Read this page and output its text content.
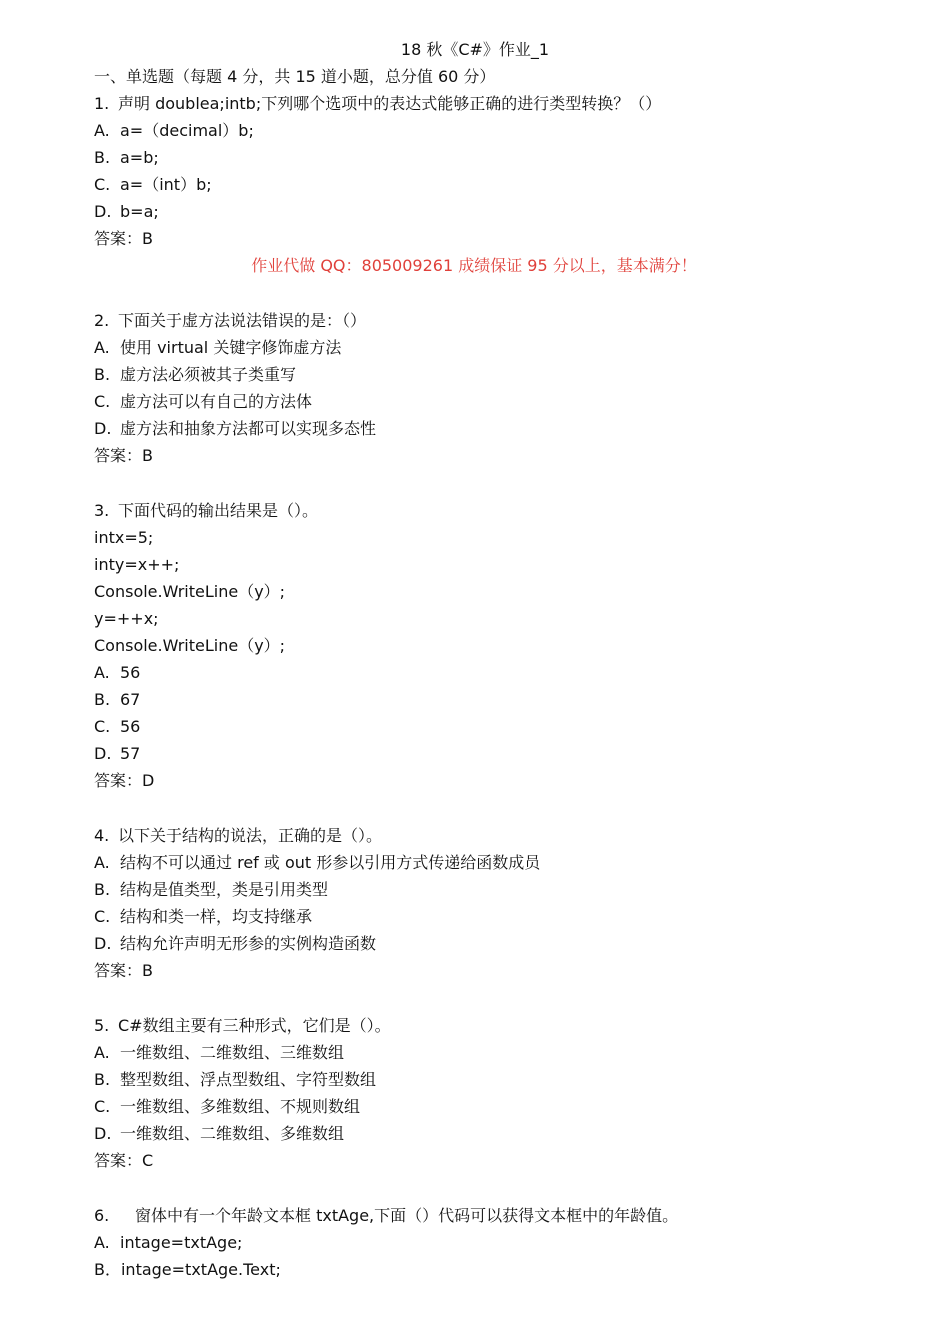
18 秋《C#》作业_1
一、单选题（每题 4 分，共 15 道小题，总分值 60 分）
1. 声明 doublea;intb;下列哪个选项中的表达式能够正确的进行类型转换？（）
A. a=（decimal）b;
B. a=b;
C. a=（int）b;
D. b=a;
答案：B
作业代做 QQ：805009261 成绩保证 95 分以上，基本满分！
2. 下面关于虚方法说法错误的是：（）
A. 使用 virtual 关键字修饰虚方法
B. 虚方法必须被其子类重写
C. 虚方法可以有自己的方法体
D. 虚方法和抽象方法都可以实现多态性
答案：B
3. 下面代码的输出结果是（）。
intx=5;
inty=x++;
Console.WriteLine（y）;
y=++x;
Console.WriteLine（y）;
A. 56
B. 67
C. 56
D. 57
答案：D
4. 以下关于结构的说法，正确的是（）。
A. 结构不可以通过 ref 或 out 形参以引用方式传递给函数成员
B. 结构是值类型，类是引用类型
C. 结构和类一样，均支持继承
D. 结构允许声明无形参的实例构造函数
答案：B
5. C#数组主要有三种形式，它们是（）。
A. 一维数组、二维数组、三维数组
B. 整型数组、浮点型数组、字符型数组
C. 一维数组、多维数组、不规则数组
D. 一维数组、二维数组、多维数组
答案：C
6. 窗体中有一个年龄文本框 txtAge,下面（）代码可以获得文本框中的年龄值。
A. intage=txtAge;
B．intage=txtAge.Text;
